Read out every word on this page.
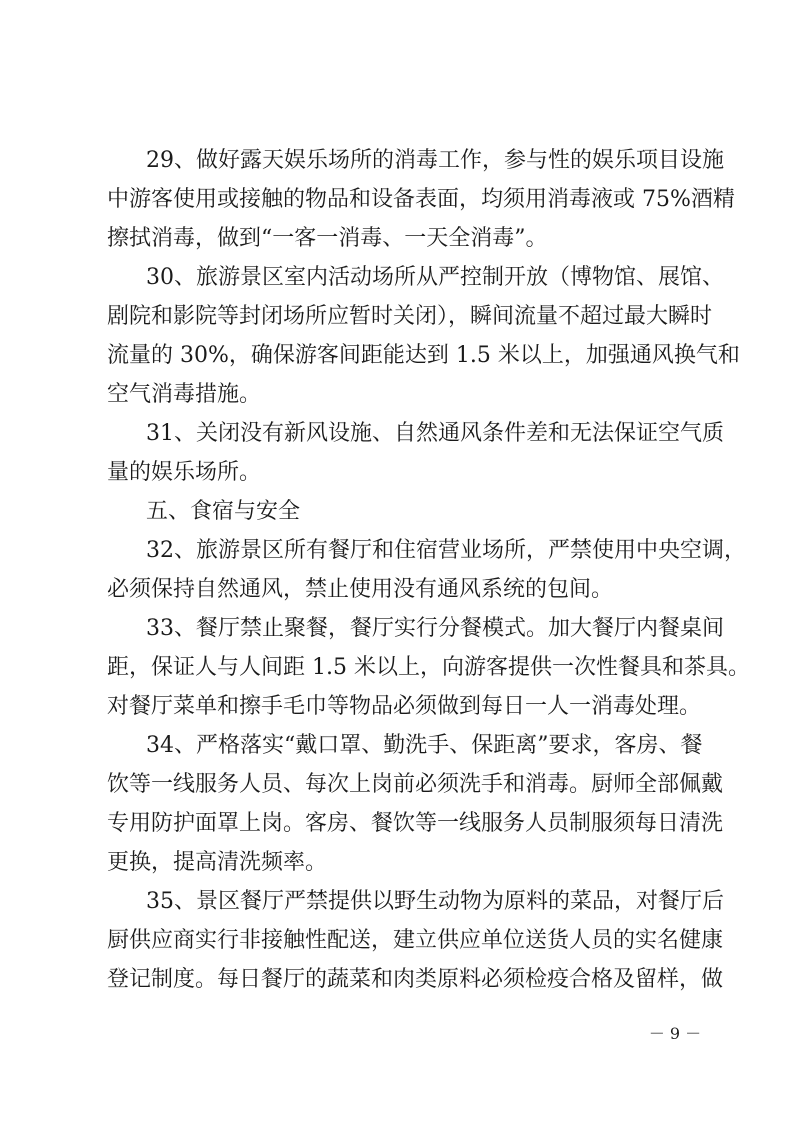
29、做好露天娱乐场所的消毒工作，参与性的娱乐项目设施
中游客使用或接触的物品和设备表面，均须用消毒液或 75%酒精
擦拭消毒，做到“一客一消毒、一天全消毒”。
30、旅游景区室内活动场所从严控制开放（博物馆、展馆、
剧院和影院等封闭场所应暂时关闭），瞬间流量不超过最大瞬时
流量的 30%，确保游客间距能达到 1.5 米以上，加强通风换气和
空气消毒措施。
31、关闭没有新风设施、自然通风条件差和无法保证空气质
量的娱乐场所。
五、食宿与安全
32、旅游景区所有餐厅和住宿营业场所，严禁使用中央空调，
必须保持自然通风，禁止使用没有通风系统的包间。
33、餐厅禁止聚餐，餐厅实行分餐模式。加大餐厅内餐桌间
距，保证人与人间距 1.5 米以上，向游客提供一次性餐具和茶具。
对餐厅菜单和擦手毛巾等物品必须做到每日一人一消毒处理。
34、严格落实“戴口罩、勤洗手、保距离”要求，客房、餐
饮等一线服务人员、每次上岗前必须洗手和消毒。厨师全部佩戴
专用防护面罩上岗。客房、餐饮等一线服务人员制服须每日清洗
更换，提高清洗频率。
35、景区餐厅严禁提供以野生动物为原料的菜品，对餐厅后
厨供应商实行非接触性配送，建立供应单位送货人员的实名健康
登记制度。每日餐厅的蔬菜和肉类原料必须检疫合格及留样，做
－ 9 －
